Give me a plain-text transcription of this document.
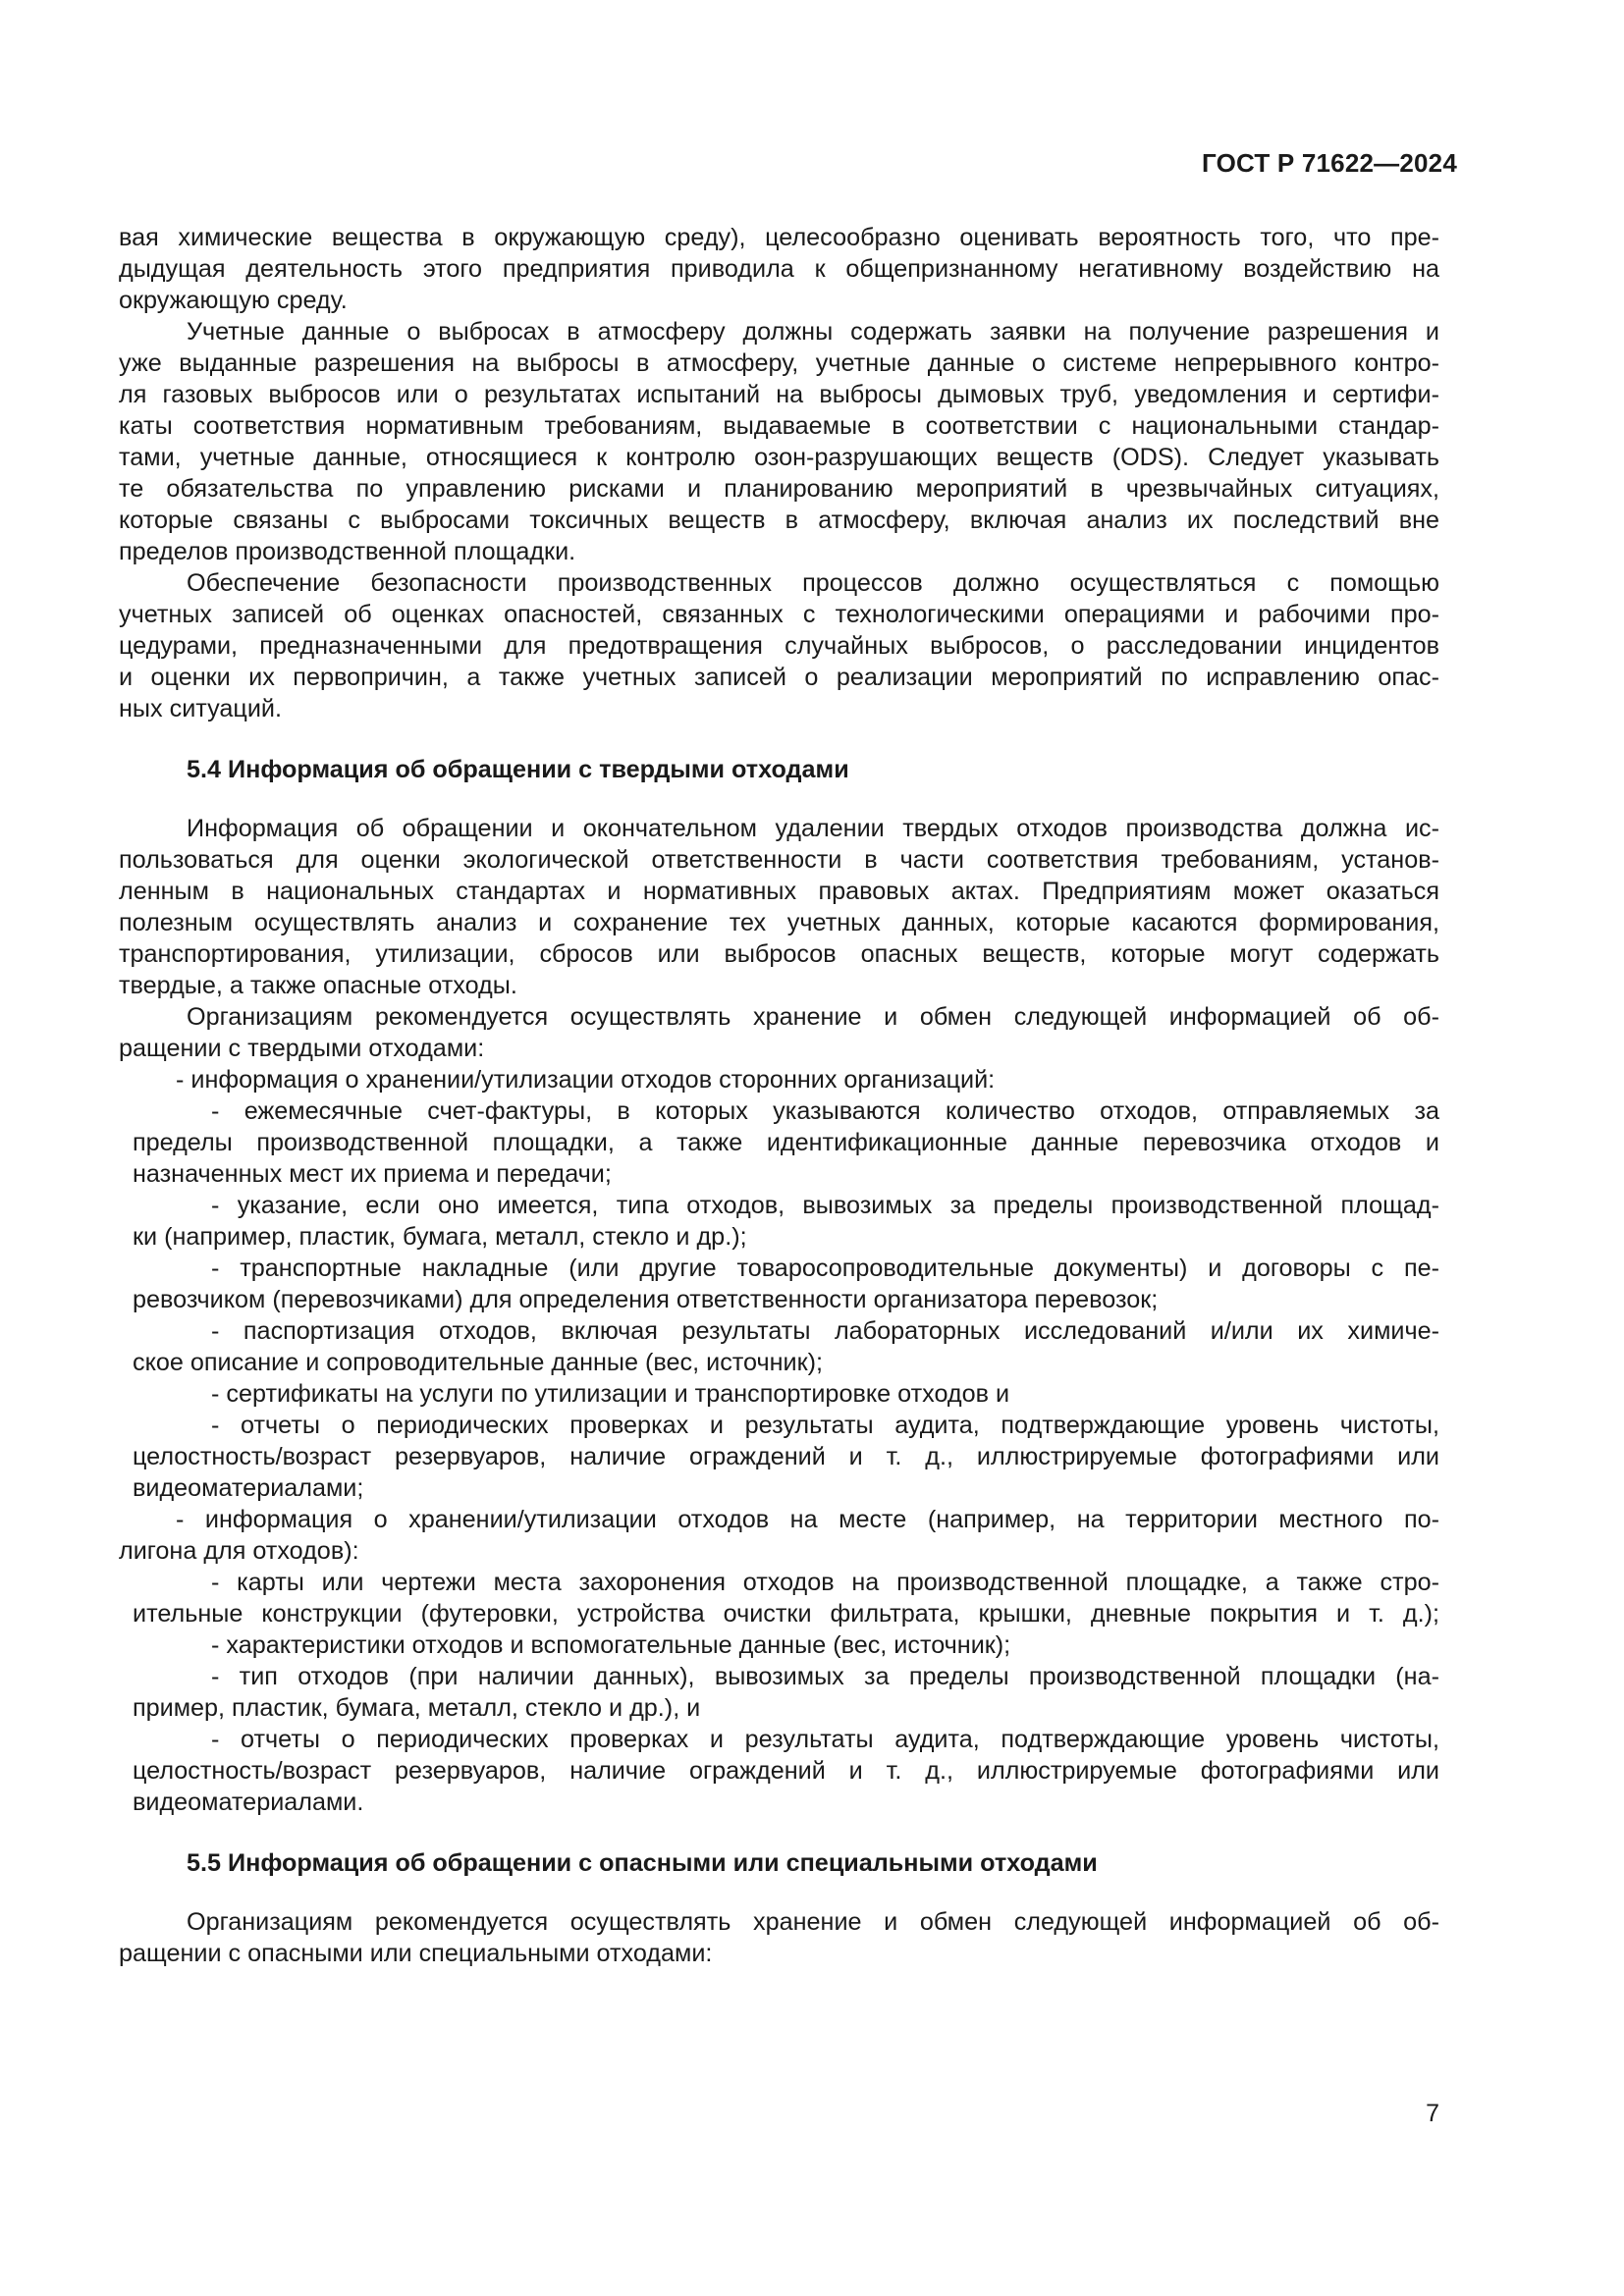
ГОСТ Р 71622—2024
вая химические вещества в окружающую среду), целесообразно оценивать вероятность того, что пре-
дыдущая деятельность этого предприятия приводила к общепризнанному негативному воздействию на
окружающую среду.
Учетные данные о выбросах в атмосферу должны содержать заявки на получение разрешения и
уже выданные разрешения на выбросы в атмосферу, учетные данные о системе непрерывного контро-
ля газовых выбросов или о результатах испытаний на выбросы дымовых труб, уведомления и сертифи-
каты соответствия нормативным требованиям, выдаваемые в соответствии с национальными стандар-
тами, учетные данные, относящиеся к контролю озон-разрушающих веществ (ODS). Следует указывать
те обязательства по управлению рисками и планированию мероприятий в чрезвычайных ситуациях,
которые связаны с выбросами токсичных веществ в атмосферу, включая анализ их последствий вне
пределов производственной площадки.
Обеспечение безопасности производственных процессов должно осуществляться с помощью
учетных записей об оценках опасностей, связанных с технологическими операциями и рабочими про-
цедурами, предназначенными для предотвращения случайных выбросов, о расследовании инцидентов
и оценки их первопричин, а также учетных записей о реализации мероприятий по исправлению опас-
ных ситуаций.
5.4 Информация об обращении с твердыми отходами
Информация об обращении и окончательном удалении твердых отходов производства должна ис-
пользоваться для оценки экологической ответственности в части соответствия требованиям, установ-
ленным в национальных стандартах и нормативных правовых актах. Предприятиям может оказаться
полезным осуществлять анализ и сохранение тех учетных данных, которые касаются формирования,
транспортирования, утилизации, сбросов или выбросов опасных веществ, которые могут содержать
твердые, а также опасные отходы.
Организациям рекомендуется осуществлять хранение и обмен следующей информацией об об-
ращении с твердыми отходами:
- информация о хранении/утилизации отходов сторонних организаций:
- ежемесячные счет-фактуры, в которых указываются количество отходов, отправляемых за
пределы производственной площадки, а также идентификационные данные перевозчика отходов и
назначенных мест их приема и передачи;
- указание, если оно имеется, типа отходов, вывозимых за пределы производственной площад-
ки (например, пластик, бумага, металл, стекло и др.);
- транспортные накладные (или другие товаросопроводительные документы) и договоры с пе-
ревозчиком (перевозчиками) для определения ответственности организатора перевозок;
- паспортизация отходов, включая результаты лабораторных исследований и/или их химиче-
ское описание и сопроводительные данные (вес, источник);
- сертификаты на услуги по утилизации и транспортировке отходов и
- отчеты о периодических проверках и результаты аудита, подтверждающие уровень чистоты,
целостность/возраст резервуаров, наличие ограждений и т. д., иллюстрируемые фотографиями или
видеоматериалами;
- информация о хранении/утилизации отходов на месте (например, на территории местного по-
лигона для отходов):
- карты или чертежи места захоронения отходов на производственной площадке, а также стро-
ительные конструкции (футеровки, устройства очистки фильтрата, крышки, дневные покрытия и т. д.);
- характеристики отходов и вспомогательные данные (вес, источник);
- тип отходов (при наличии данных), вывозимых за пределы производственной площадки (на-
пример, пластик, бумага, металл, стекло и др.), и
- отчеты о периодических проверках и результаты аудита, подтверждающие уровень чистоты,
целостность/возраст резервуаров, наличие ограждений и т. д., иллюстрируемые фотографиями или
видеоматериалами.
5.5 Информация об обращении с опасными или специальными отходами
Организациям рекомендуется осуществлять хранение и обмен следующей информацией об об-
ращении с опасными или специальными отходами:
7
